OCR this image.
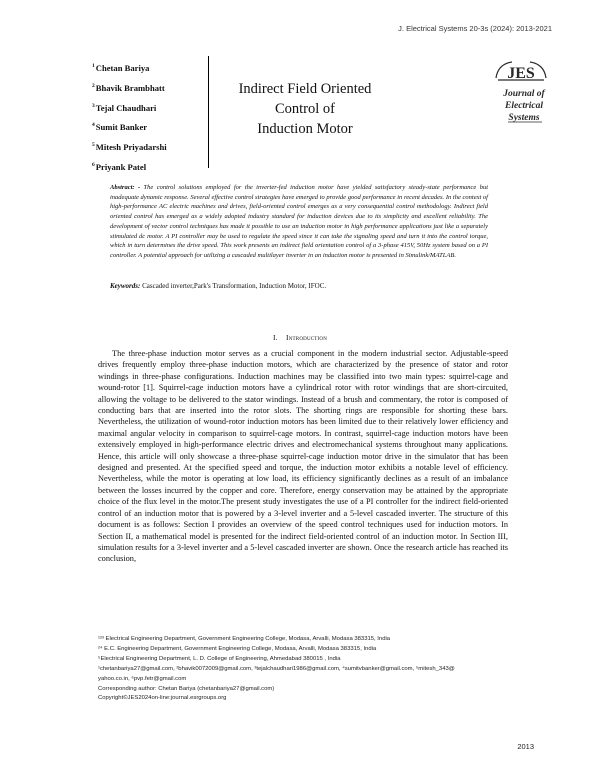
J. Electrical Systems 20-3s (2024): 2013-2021
$^1$Chetan Bariya
$^2$Bhavik Brambhatt
$^3$Tejal Chaudhari
$^4$Sumit Banker
$^5$Mitesh Priyadarshi
$^6$Priyank Patel
Indirect Field Oriented Control of
Induction Motor
JES
Journal of
Electrical
Systems
Abstract: - The control solutions employed for the inverter-fed induction motor have yielded satisfactory steady-state performance but inadequate dynamic response. Several effective control strategies have emerged to provide good performance in recent decades. In the context of high-performance AC electric machines and drives, field-oriented control emerges as a very consequential control methodology. Indirect field oriented control has emerged as a widely adopted industry standard for induction devices due to its simplicity and excellent reliability. The development of vector control techniques has made it possible to use an induction motor in high performance applications just like a separately stimulated dc motor. A PI controller may be used to regulate the speed since it can take the signaling speed and turn it into the control torque, which in turn determines the drive speed. This work presents an indirect field orientation control of a 3-phase 415V, 50Hz system based on a PI controller. A potential approach for utilizing a cascaded multilayer inverter in an induction motor is presented in Simulink/MATLAB.
Keywords: Cascaded inverter,Park's Transformation, Induction Motor, IFOC.
I. Introduction
The three-phase induction motor serves as a crucial component in the modern industrial sector. Adjustable-speed drives frequently employ three-phase induction motors, which are characterized by the presence of stator and rotor windings in three-phase configurations. Induction machines may be classified into two main types: squirrel-cage and wound-rotor [1]. Squirrel-cage induction motors have a cylindrical rotor with rotor windings that are short-circuited, allowing the voltage to be delivered to the stator windings. Instead of a brush and commentary, the rotor is composed of conducting bars that are inserted into the rotor slots. The shorting rings are responsible for shorting these bars. Nevertheless, the utilization of wound-rotor induction motors has been limited due to their relatively lower efficiency and maximal angular velocity in comparison to squirrel-cage motors. In contrast, squirrel-cage induction motors have been extensively employed in high-performance electric drives and electromechanical systems throughout many applications. Hence, this article will only showcase a three-phase squirrel-cage induction motor drive in the simulator that has been designed and presented. At the specified speed and torque, the induction motor exhibits a notable level of efficiency. Nevertheless, while the motor is operating at low load, its efficiency significantly declines as a result of an imbalance between the losses incurred by the copper and core. Therefore, energy conservation may be attained by the appropriate choice of the flux level in the motor.The present study investigates the use of a PI controller for the indirect field-oriented control of an induction motor that is powered by a 3-level inverter and a 5-level cascaded inverter. The structure of this document is as follows: Section I provides an overview of the speed control techniques used for induction motors. In Section II, a mathematical model is presented for the indirect field-oriented control of an induction motor. In Section III, simulation results for a 3-level inverter and a 5-level cascaded inverter are shown. Once the research article has reached its conclusion,
¹²³ Electrical Engineering Department, Government Engineering College, Modasa, Arvalli, Modasa 383315, India
²⁴ E.C. Engineering Department, Government Engineering College, Modasa, Arvalli, Modasa 383315, India
⁵Electrical Engineering Department, L. D. College of Engineering, Ahmedabad 380015 , India
¹chetanbariya27@gmail.com, ²bhavik0072009@gmail.com, ³tejalchaudhari1986@gmail.com, ⁴sumitvbanker@gmail.com, ⁵mitesh_343@
yahoo.co.in, ⁶pvp.fetr@gmail.com
Corresponding author: Chetan Bariya (chetanbariya27@gmail.com)
Copyright©JES2024on-line:journal.esrgroups.org
2013
